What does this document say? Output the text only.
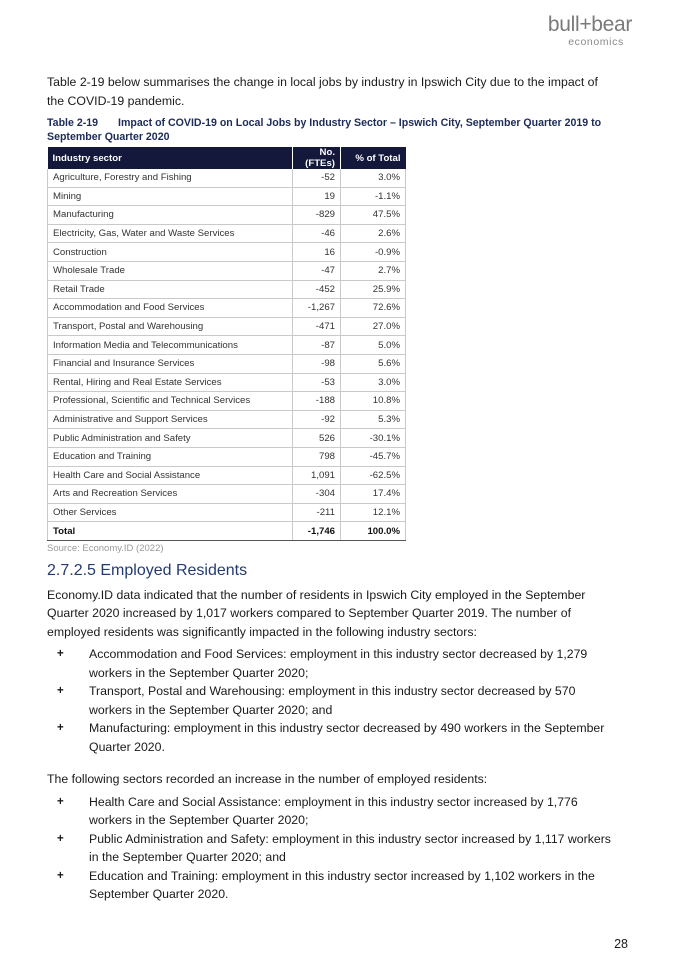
bull+bear
economics

Table 2-19 below summarises the change in local jobs by industry in Ipswich City due to the impact of the COVID-19 pandemic.

Table 2-19 Impact of COVID-19 on Local Jobs by Industry Sector – Ipswich City, September Quarter 2019 to September Quarter 2020
Industry sector	No. (FTEs)	% of Total
Agriculture, Forestry and Fishing	-52	3.0%
Mining	19	-1.1%
Manufacturing	-829	47.5%
Electricity, Gas, Water and Waste Services	-46	2.6%
Construction	16	-0.9%
Wholesale Trade	-47	2.7%
Retail Trade	-452	25.9%
Accommodation and Food Services	-1,267	72.6%
Transport, Postal and Warehousing	-471	27.0%
Information Media and Telecommunications	-87	5.0%
Financial and Insurance Services	-98	5.6%
Rental, Hiring and Real Estate Services	-53	3.0%
Professional, Scientific and Technical Services	-188	10.8%
Administrative and Support Services	-92	5.3%
Public Administration and Safety	526	-30.1%
Education and Training	798	-45.7%
Health Care and Social Assistance	1,091	-62.5%
Arts and Recreation Services	-304	17.4%
Other Services	-211	12.1%
Total	-1,746	100.0%
Source: Economy.ID (2022)
2.7.2.5 Employed Residents

Economy.ID data indicated that the number of residents in Ipswich City employed in the September Quarter 2020 increased by 1,017 workers compared to September Quarter 2019. The number of employed residents was significantly impacted in the following industry sectors:

+ Accommodation and Food Services: employment in this industry sector decreased by 1,279 workers in the September Quarter 2020;
+ Transport, Postal and Warehousing: employment in this industry sector decreased by 570 workers in the September Quarter 2020; and
+ Manufacturing: employment in this industry sector decreased by 490 workers in the September Quarter 2020.

The following sectors recorded an increase in the number of employed residents:

+ Health Care and Social Assistance: employment in this industry sector increased by 1,776 workers in the September Quarter 2020;
+ Public Administration and Safety: employment in this industry sector increased by 1,117 workers in the September Quarter 2020; and
+ Education and Training: employment in this industry sector increased by 1,102 workers in the September Quarter 2020.
28
